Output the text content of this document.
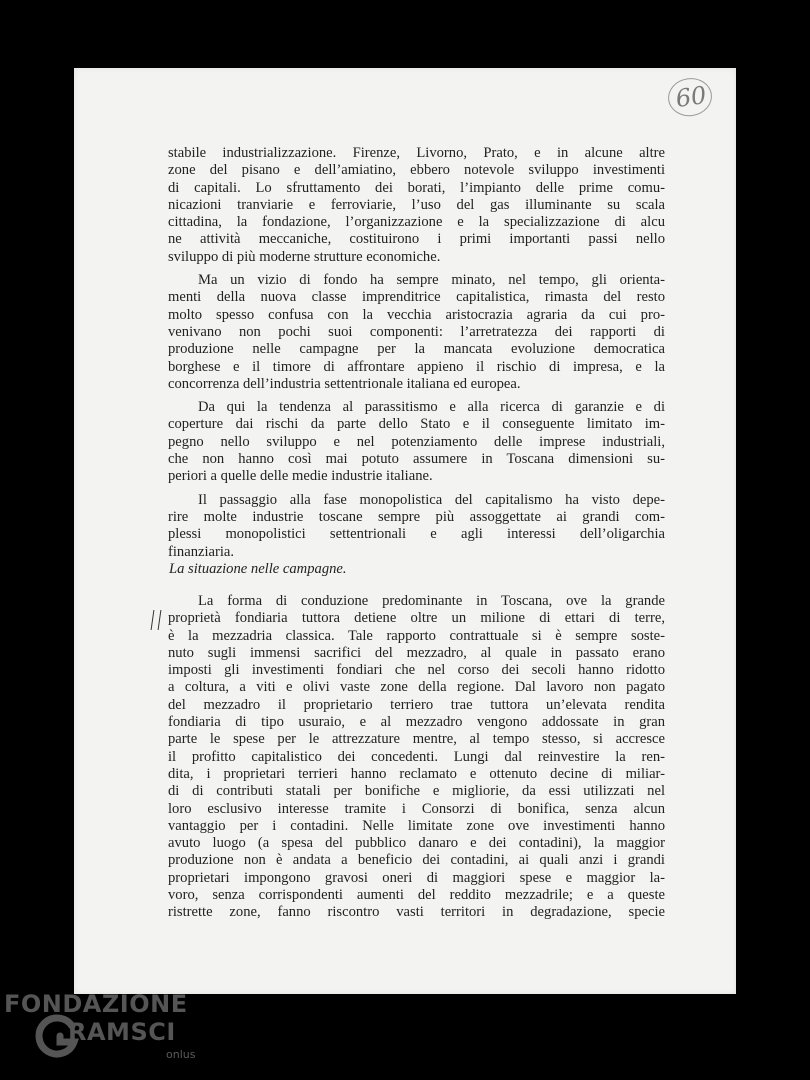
60

stabile industrializzazione. Firenze, Livorno, Prato, e in alcune altre
zone del pisano e dell’amiatino, ebbero notevole sviluppo investimenti
di capitali. Lo sfruttamento dei borati, l’impianto delle prime comu-
nicazioni tranviarie e ferroviarie, l’uso del gas illuminante su scala
cittadina, la fondazione, l’organizzazione e la specializzazione di alcu
ne attività meccaniche, costituirono i primi importanti passi nello
sviluppo di più moderne strutture economiche.

Ma un vizio di fondo ha sempre minato, nel tempo, gli orienta-
menti della nuova classe imprenditrice capitalistica, rimasta del resto
molto spesso confusa con la vecchia aristocrazia agraria da cui pro-
venivano non pochi suoi componenti: l’arretratezza dei rapporti di
produzione nelle campagne per la mancata evoluzione democratica
borghese e il timore di affrontare appieno il rischio di impresa, e la
concorrenza dell’industria settentrionale italiana ed europea.

Da qui la tendenza al parassitismo e alla ricerca di garanzie e di
coperture dai rischi da parte dello Stato e il conseguente limitato im-
pegno nello sviluppo e nel potenziamento delle imprese industriali,
che non hanno così mai potuto assumere in Toscana dimensioni su-
periori a quelle delle medie industrie italiane.

Il passaggio alla fase monopolistica del capitalismo ha visto depe-
rire molte industrie toscane sempre più assoggettate ai grandi com-
plessi monopolistici settentrionali e agli interessi dell’oligarchia
finanziaria.

La situazione nelle campagne.

La forma di conduzione predominante in Toscana, ove la grande
proprietà fondiaria tuttora detiene oltre un milione di ettari di terre,
è la mezzadria classica. Tale rapporto contrattuale si è sempre soste-
nuto sugli immensi sacrifici del mezzadro, al quale in passato erano
imposti gli investimenti fondiari che nel corso dei secoli hanno ridotto
a coltura, a viti e olivi vaste zone della regione. Dal lavoro non pagato
del mezzadro il proprietario terriero trae tuttora un’elevata rendita
fondiaria di tipo usuraio, e al mezzadro vengono addossate in gran
parte le spese per le attrezzature mentre, al tempo stesso, si accresce
il profitto capitalistico dei concedenti. Lungi dal reinvestire la ren-
dita, i proprietari terrieri hanno reclamato e ottenuto decine di miliar-
di di contributi statali per bonifiche e migliorie, da essi utilizzati nel
loro esclusivo interesse tramite i Consorzi di bonifica, senza alcun
vantaggio per i contadini. Nelle limitate zone ove investimenti hanno
avuto luogo (a spesa del pubblico danaro e dei contadini), la maggior
produzione non è andata a beneficio dei contadini, ai quali anzi i grandi
proprietari impongono gravosi oneri di maggiori spese e maggior la-
voro, senza corrispondenti aumenti del reddito mezzadrile; e a queste
ristrette zone, fanno riscontro vasti territori in degradazione, specie

FONDAZIONE
RAMSCI
onlus
